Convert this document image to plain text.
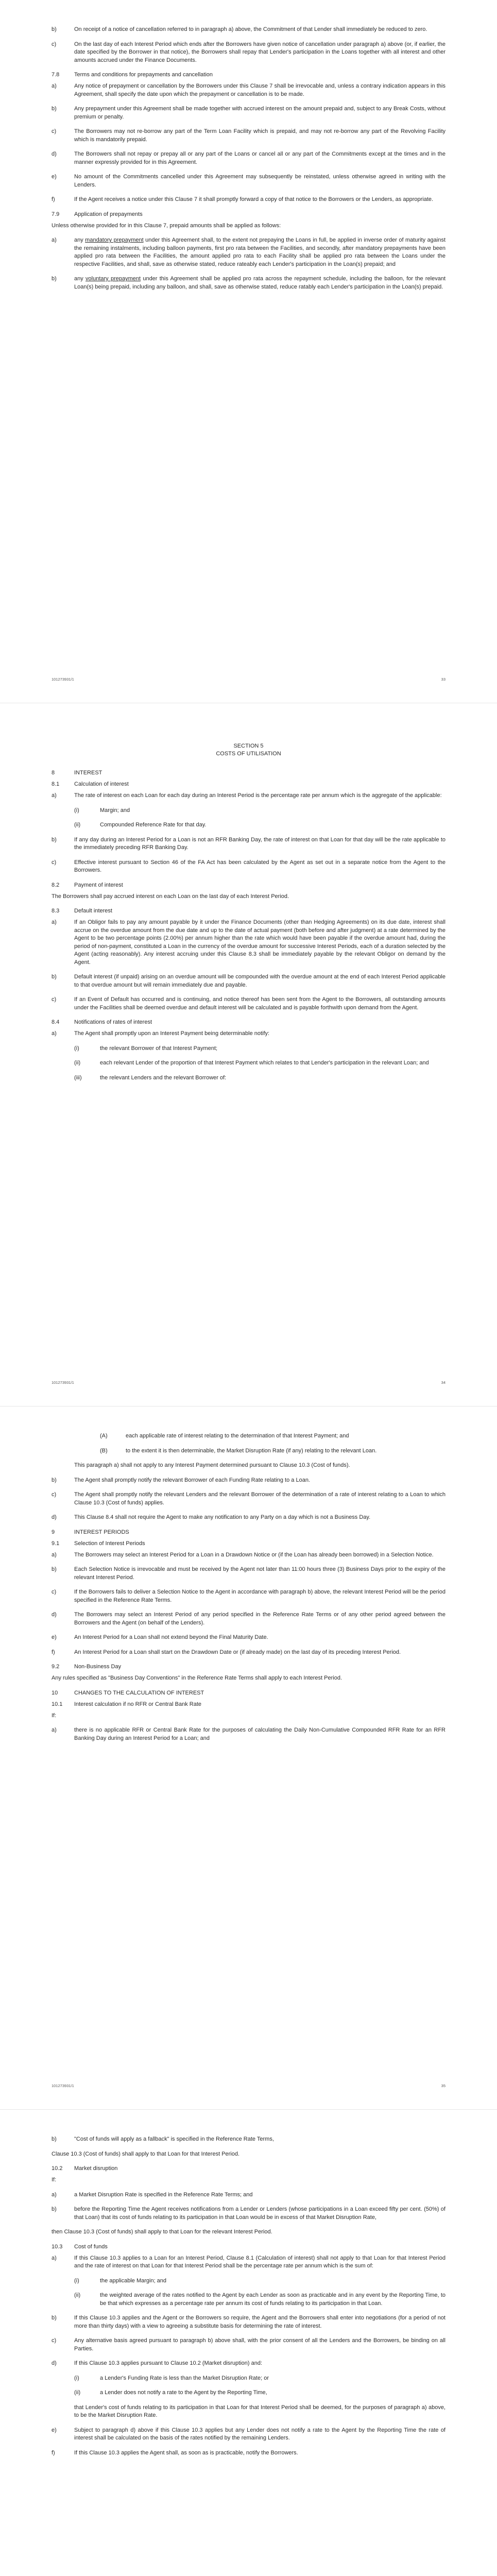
b)	On receipt of a notice of cancellation referred to in paragraph a) above, the Commitment of that Lender shall immediately be reduced to zero.
c)	On the last day of each Interest Period which ends after the Borrowers have given notice of cancellation under paragraph a) above (or, if earlier, the date specified by the Borrower in that notice), the Borrowers shall repay that Lender's participation in the Loans together with all interest and other amounts accrued under the Finance Documents.
7.8	Terms and conditions for prepayments and cancellation
a)	Any notice of prepayment or cancellation by the Borrowers under this Clause 7 shall be irrevocable and, unless a contrary indication appears in this Agreement, shall specify the date upon which the prepayment or cancellation is to be made.
b)	Any prepayment under this Agreement shall be made together with accrued interest on the amount prepaid and, subject to any Break Costs, without premium or penalty.
c)	The Borrowers may not re-borrow any part of the Term Loan Facility which is prepaid, and may not re-borrow any part of the Revolving Facility which is mandatorily prepaid.
d)	The Borrowers shall not repay or prepay all or any part of the Loans or cancel all or any part of the Commitments except at the times and in the manner expressly provided for in this Agreement.
e)	No amount of the Commitments cancelled under this Agreement may subsequently be reinstated, unless otherwise agreed in writing with the Lenders.
f)	If the Agent receives a notice under this Clause 7 it shall promptly forward a copy of that notice to the Borrowers or the Lenders, as appropriate.
7.9	Application of prepayments
Unless otherwise provided for in this Clause 7, prepaid amounts shall be applied as follows:
a)	any mandatory prepayment under this Agreement shall, to the extent not prepaying the Loans in full, be applied in inverse order of maturity against the remaining instalments, including balloon payments, first pro rata between the Facilities, and secondly, after mandatory prepayments have been applied pro rata between the Facilities, the amount applied pro rata to each Facility shall be applied pro rata between the Loans under the respective Facilities, and shall, save as otherwise stated, reduce rateably each Lender's participation in the Loan(s) prepaid; and
b)	any voluntary prepayment under this Agreement shall be applied pro rata across the repayment schedule, including the balloon, for the relevant Loan(s) being prepaid, including any balloon, and shall, save as otherwise stated, reduce ratably each Lender's participation in the Loan(s) prepaid.
101273931/1	33
SECTION 5
COSTS OF UTILISATION
8	INTEREST
8.1	Calculation of interest
a)	The rate of interest on each Loan for each day during an Interest Period is the percentage rate per annum which is the aggregate of the applicable:
(i)	Margin; and
(ii)	Compounded Reference Rate for that day.
b)	If any day during an Interest Period for a Loan is not an RFR Banking Day, the rate of interest on that Loan for that day will be the rate applicable to the immediately preceding RFR Banking Day.
c)	Effective interest pursuant to Section 46 of the FA Act has been calculated by the Agent as set out in a separate notice from the Agent to the Borrowers.
8.2	Payment of interest
The Borrowers shall pay accrued interest on each Loan on the last day of each Interest Period.
8.3	Default interest
a)	If an Obligor fails to pay any amount payable by it under the Finance Documents (other than Hedging Agreements) on its due date, interest shall accrue on the overdue amount from the due date and up to the date of actual payment (both before and after judgment) at a rate determined by the Agent to be two percentage points (2.00%) per annum higher than the rate which would have been payable if the overdue amount had, during the period of non-payment, constituted a Loan in the currency of the overdue amount for successive Interest Periods, each of a duration selected by the Agent (acting reasonably). Any interest accruing under this Clause 8.3 shall be immediately payable by the relevant Obligor on demand by the Agent.
b)	Default interest (if unpaid) arising on an overdue amount will be compounded with the overdue amount at the end of each Interest Period applicable to that overdue amount but will remain immediately due and payable.
c)	If an Event of Default has occurred and is continuing, and notice thereof has been sent from the Agent to the Borrowers, all outstanding amounts under the Facilities shall be deemed overdue and default interest will be calculated and is payable forthwith upon demand from the Agent.
8.4	Notifications of rates of interest
a)	The Agent shall promptly upon an Interest Payment being determinable notify:
(i)	the relevant Borrower of that Interest Payment;
(ii)	each relevant Lender of the proportion of that Interest Payment which relates to that Lender's participation in the relevant Loan; and
(iii)	the relevant Lenders and the relevant Borrower of:
101273931/1	34
(A)	each applicable rate of interest relating to the determination of that Interest Payment; and
(B)	to the extent it is then determinable, the Market Disruption Rate (if any) relating to the relevant Loan.
This paragraph a) shall not apply to any Interest Payment determined pursuant to Clause 10.3 (Cost of funds).
b)	The Agent shall promptly notify the relevant Borrower of each Funding Rate relating to a Loan.
c)	The Agent shall promptly notify the relevant Lenders and the relevant Borrower of the determination of a rate of interest relating to a Loan to which Clause 10.3 (Cost of funds) applies.
d)	This Clause 8.4 shall not require the Agent to make any notification to any Party on a day which is not a Business Day.
9	INTEREST PERIODS
9.1	Selection of Interest Periods
a)	The Borrowers may select an Interest Period for a Loan in a Drawdown Notice or (if the Loan has already been borrowed) in a Selection Notice.
b)	Each Selection Notice is irrevocable and must be received by the Agent not later than 11:00 hours three (3) Business Days prior to the expiry of the relevant Interest Period.
c)	If the Borrowers fails to deliver a Selection Notice to the Agent in accordance with paragraph b) above, the relevant Interest Period will be the period specified in the Reference Rate Terms.
d)	The Borrowers may select an Interest Period of any period specified in the Reference Rate Terms or of any other period agreed between the Borrowers and the Agent (on behalf of the Lenders).
e)	An Interest Period for a Loan shall not extend beyond the Final Maturity Date.
f)	An Interest Period for a Loan shall start on the Drawdown Date or (if already made) on the last day of its preceding Interest Period.
9.2	Non-Business Day
Any rules specified as "Business Day Conventions" in the Reference Rate Terms shall apply to each Interest Period.
10	CHANGES TO THE CALCULATION OF INTEREST
10.1	Interest calculation if no RFR or Central Bank Rate
If:
a)	there is no applicable RFR or Central Bank Rate for the purposes of calculating the Daily Non-Cumulative Compounded RFR Rate for an RFR Banking Day during an Interest Period for a Loan; and
101273931/1	35
b)	"Cost of funds will apply as a fallback" is specified in the Reference Rate Terms,
Clause 10.3 (Cost of funds) shall apply to that Loan for that Interest Period.
10.2	Market disruption
If:
a)	a Market Disruption Rate is specified in the Reference Rate Terms; and
b)	before the Reporting Time the Agent receives notifications from a Lender or Lenders (whose participations in a Loan exceed fifty per cent. (50%) of that Loan) that its cost of funds relating to its participation in that Loan would be in excess of that Market Disruption Rate,
then Clause 10.3 (Cost of funds) shall apply to that Loan for the relevant Interest Period.
10.3	Cost of funds
a)	If this Clause 10.3 applies to a Loan for an Interest Period, Clause 8.1 (Calculation of interest) shall not apply to that Loan for that Interest Period and the rate of interest on that Loan for that Interest Period shall be the percentage rate per annum which is the sum of:
(i)	the applicable Margin; and
(ii)	the weighted average of the rates notified to the Agent by each Lender as soon as practicable and in any event by the Reporting Time, to be that which expresses as a percentage rate per annum its cost of funds relating to its participation in that Loan.
b)	If this Clause 10.3 applies and the Agent or the Borrowers so require, the Agent and the Borrowers shall enter into negotiations (for a period of not more than thirty days) with a view to agreeing a substitute basis for determining the rate of interest.
c)	Any alternative basis agreed pursuant to paragraph b) above shall, with the prior consent of all the Lenders and the Borrowers, be binding on all Parties.
d)	If this Clause 10.3 applies pursuant to Clause 10.2 (Market disruption) and:
(i)	a Lender's Funding Rate is less than the Market Disruption Rate; or
(ii)	a Lender does not notify a rate to the Agent by the Reporting Time,
that Lender's cost of funds relating to its participation in that Loan for that Interest Period shall be deemed, for the purposes of paragraph a) above, to be the Market Disruption Rate.
e)	Subject to paragraph d) above if this Clause 10.3 applies but any Lender does not notify a rate to the Agent by the Reporting Time the rate of interest shall be calculated on the basis of the rates notified by the remaining Lenders.
f)	If this Clause 10.3 applies the Agent shall, as soon as is practicable, notify the Borrowers.
